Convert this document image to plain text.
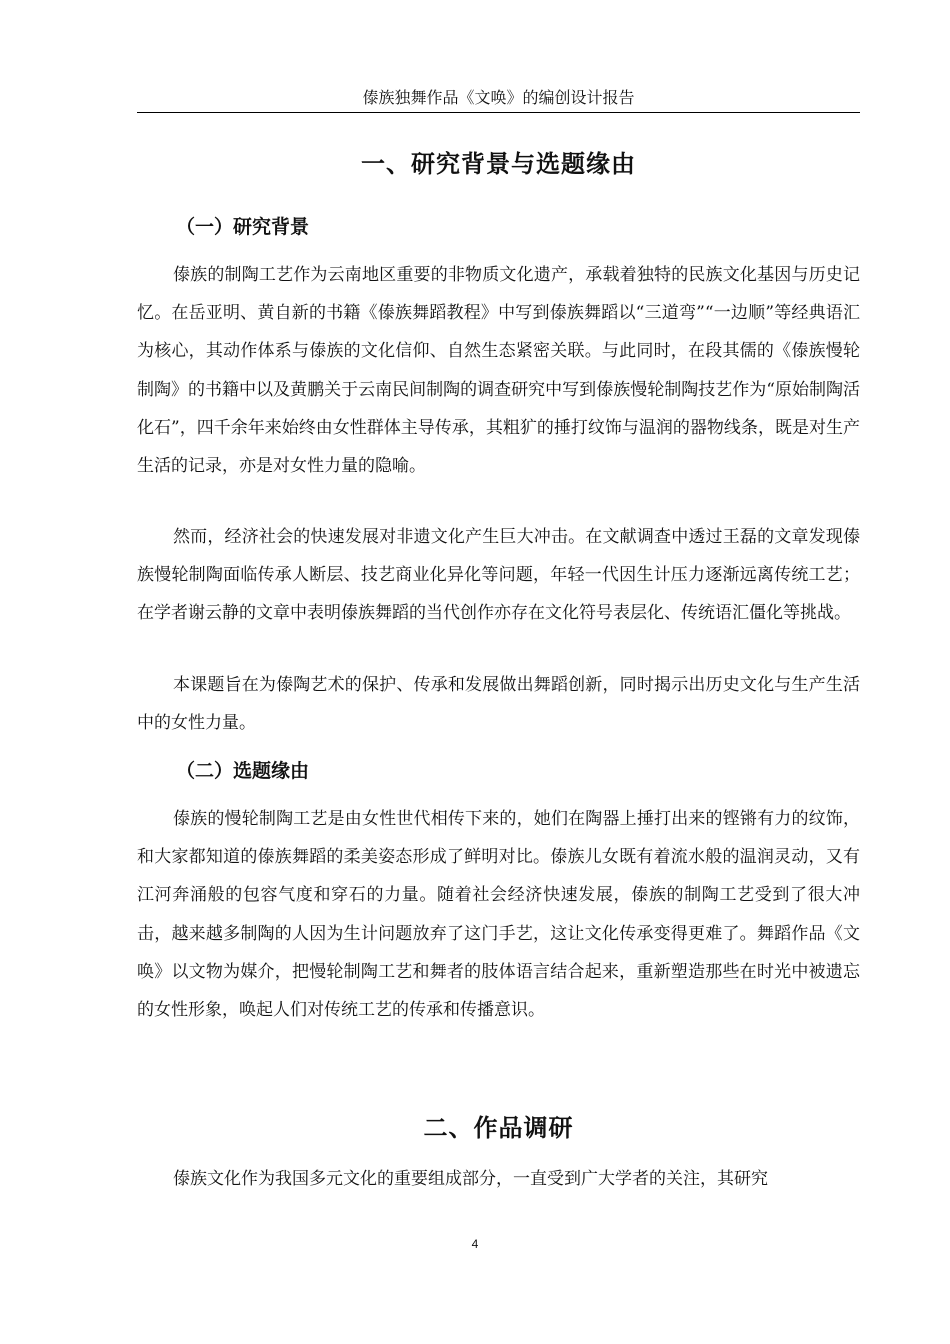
傣族独舞作品《文唤》的编创设计报告
一、研究背景与选题缘由
（一）研究背景

傣族的制陶工艺作为云南地区重要的非物质文化遗产，承载着独特的民族文化基因与历史记忆。在岳亚明、黄自新的书籍《傣族舞蹈教程》中写到傣族舞蹈以“三道弯”“一边顺”等经典语汇为核心，其动作体系与傣族的文化信仰、自然生态紧密关联。与此同时，在段其儒的《傣族慢轮制陶》的书籍中以及黄鹏关于云南民间制陶的调查研究中写到傣族慢轮制陶技艺作为“原始制陶活化石”，四千余年来始终由女性群体主导传承，其粗犷的捶打纹饰与温润的器物线条，既是对生产生活的记录，亦是对女性力量的隐喻。

然而，经济社会的快速发展对非遗文化产生巨大冲击。在文献调查中透过王磊的文章发现傣族慢轮制陶面临传承人断层、技艺商业化异化等问题，年轻一代因生计压力逐渐远离传统工艺；在学者谢云静的文章中表明傣族舞蹈的当代创作亦存在文化符号表层化、传统语汇僵化等挑战。

本课题旨在为傣陶艺术的保护、传承和发展做出舞蹈创新，同时揭示出历史文化与生产生活中的女性力量。

（二）选题缘由

傣族的慢轮制陶工艺是由女性世代相传下来的，她们在陶器上捶打出来的铿锵有力的纹饰，和大家都知道的傣族舞蹈的柔美姿态形成了鲜明对比。傣族儿女既有着流水般的温润灵动，又有江河奔涌般的包容气度和穿石的力量。随着社会经济快速发展，傣族的制陶工艺受到了很大冲击，越来越多制陶的人因为生计问题放弃了这门手艺，这让文化传承变得更难了。舞蹈作品《文唤》以文物为媒介，把慢轮制陶工艺和舞者的肢体语言结合起来，重新塑造那些在时光中被遗忘的女性形象，唤起人们对传统工艺的传承和传播意识。

二、作品调研

傣族文化作为我国多元文化的重要组成部分，一直受到广大学者的关注，其研究

4
